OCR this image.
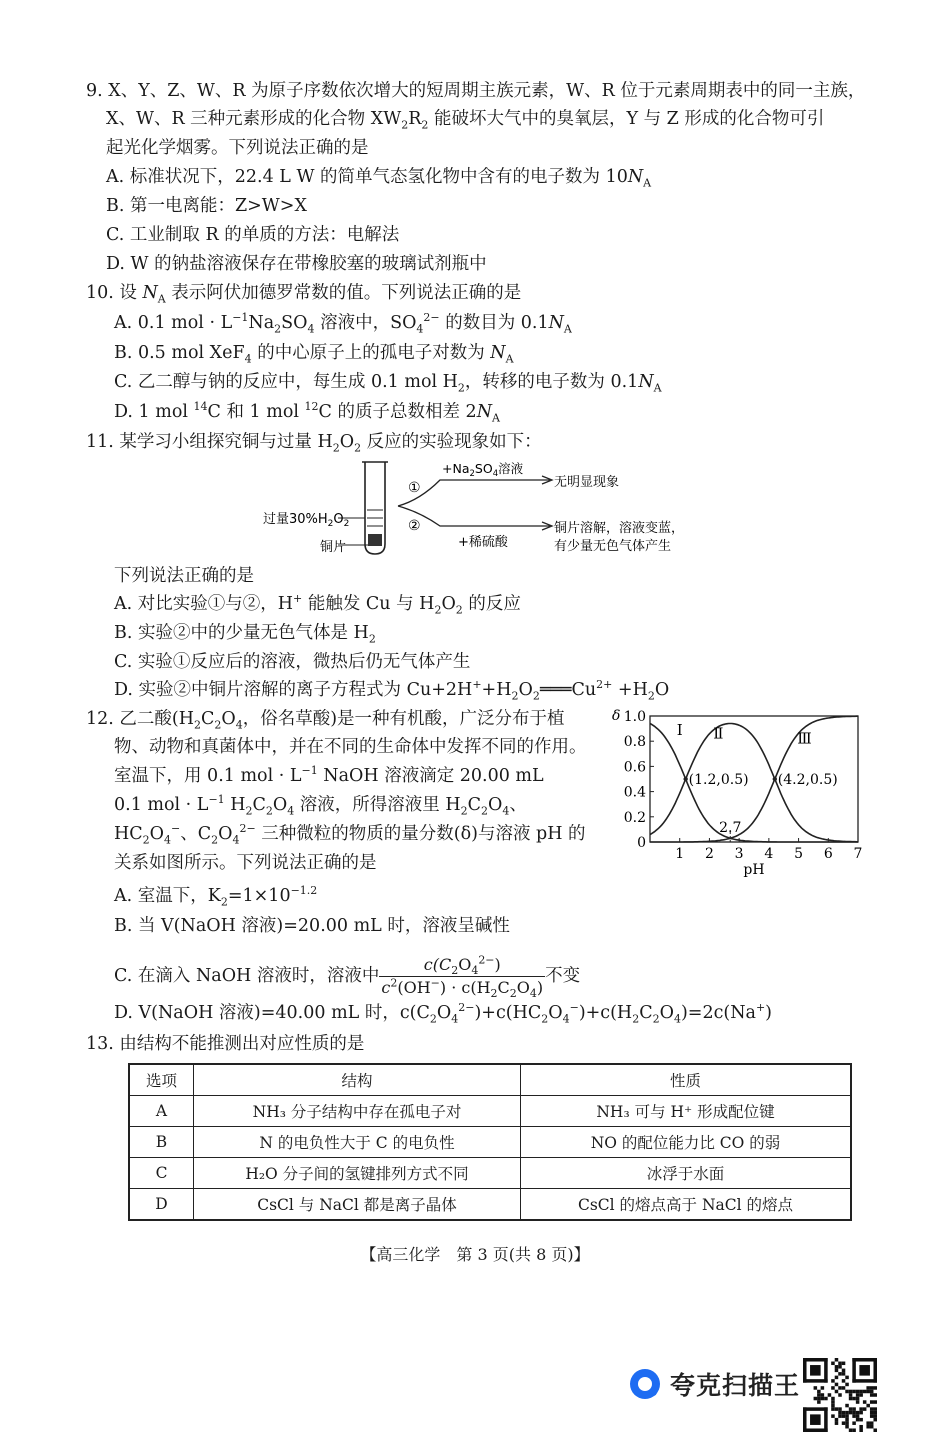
9. X、Y、Z、W、R 为原子序数依次增大的短周期主族元素，W、R 位于元素周期表中的同一主族，
X、W、R 三种元素形成的化合物 $XW_2R_2$ 能破坏大气中的臭氧层，Y 与 Z 形成的化合物可引
起光化学烟雾。下列说法正确的是
A. 标准状况下，22.4 L W 的简单气态氢化物中含有的电子数为 $10N_A$
B. 第一电离能：Z>W>X
C. 工业制取 R 的单质的方法：电解法
D. W 的钠盐溶液保存在带橡胶塞的玻璃试剂瓶中
10. 设 $N_A$ 表示阿伏加德罗常数的值。下列说法正确的是
A. 0.1 mol · $L^{-1}Na_2SO_4$ 溶液中，$SO_4^{2-}$ 的数目为 $0.1N_A$
B. 0.5 mol XeF$_4$ 的中心原子上的孤电子对数为 $N_A$
C. 乙二醇与钠的反应中，每生成 0.1 mol $H_2$，转移的电子数为 $0.1N_A$
D. 1 mol $^{14}$C 和 1 mol $^{12}$C 的质子总数相差 $2N_A$
11. 某学习小组探究铜与过量 $H_2O_2$ 反应的实验现象如下：
过量$30\%H_2O_2$
铜片
①
②
$+Na_2SO_4$溶液
+稀硫酸
无明显现象
铜片溶解，溶液变蓝，
有少量无色气体产生
下列说法正确的是
A. 对比实验①与②，H+ 能触发 Cu 与 $H_2O_2$ 的反应
B. 实验②中的少量无色气体是 $H_2$
C. 实验①反应后的溶液，微热后仍无气体产生
D. 实验②中铜片溶解的离子方程式为 $Cu+2H^++H_2O_2═══Cu^{2+} +H_2O$
12. 乙二酸($H_2C_2O_4$，俗名草酸)是一种有机酸，广泛分布于植
物、动物和真菌体中，并在不同的生命体中发挥不同的作用。
室温下，用 0.1 mol · $L^{-1}$ NaOH 溶液滴定 20.00 mL
0.1 mol · $L^{-1}$ $H_2C_2O_4$ 溶液，所得溶液里 $H_2C_2O_4$、
$HC_2O_4^-$、$C_2O_4^{2-}$ 三种微粒的物质的量分数(δ)与溶液 pH 的
关系如图所示。下列说法正确的是	1 2 3 4 5 6 7
0
0.2
0.4
0.6
0.8
1.0
δ
pH
Ⅰ Ⅱ	Ⅲ
(1.2,0.5) (4.2,0.5)
2.7
A. 室温下，$K_2=1\times 10^{-1.2}$
B. 当 V(NaOH 溶液)=20.00 mL 时，溶液呈碱性
C. 在滴入 NaOH 溶液时，溶液中 $\frac{c(C_2O_4^{2-})}{c^2(OH^-) \cdot c(H_2C_2O_4)}$ 不变
D. V(NaOH 溶液)=40.00 mL 时，$c(C_2O_4^{2-})+c(HC_2O_4^-)+c(H_2C_2O_4)=2c(Na^+)$
13. 由结构不能推测出对应性质的是
选项	结构	性质
A	NH₃ 分子结构中存在孤电子对	NH₃ 可与 H⁺ 形成配位键
B	N 的电负性大于 C 的电负性	NO 的配位能力比 CO 的弱
C	H₂O 分子间的氢键排列方式不同	冰浮于水面
D	CsCl 与 NaCl 都是离子晶体	CsCl 的熔点高于 NaCl 的熔点
【高三化学　第 3 页(共 8 页)】
夸克扫描王
